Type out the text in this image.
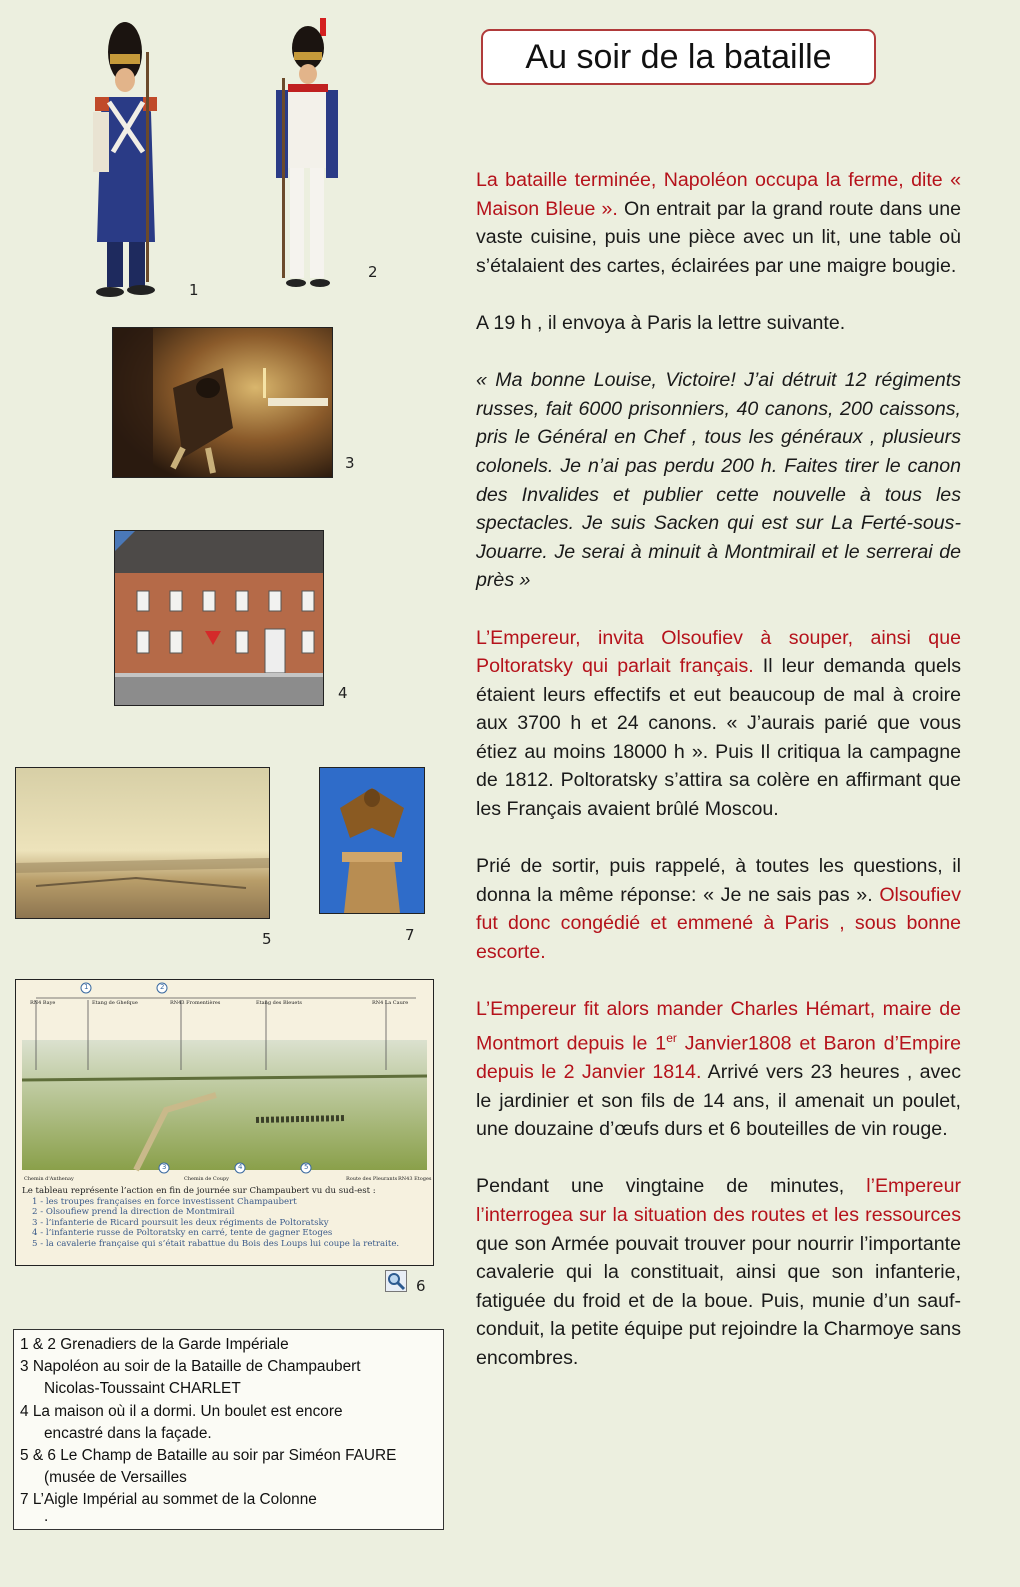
1
2
3
4
5	7
RN4 Baye	Etang de Ghefque	RN43 Fromentières	Etang des Bleuets	RN4 La Caure
1	2
3	4	5
Chemin d'Anthenay	Chemin de Coupy	Route des Pleurants RN43 Etoges
Le tableau représente l’action en fin de journée sur Champaubert vu du sud-est :
1 - les troupes françaises en force investissent Champaubert
2 - Olsoufiew prend la direction de Montmirail
3 - l’infanterie de Ricard poursuit les deux régiments de Poltoratsky
4 - l’infanterie russe de Poltoratsky en carré, tente de gagner Etoges
5 - la cavalerie française qui s’était rabattue du Bois des Loups lui coupe la retraite.
6
Au soir de la bataille

La bataille terminée, Napoléon occupa la ferme, dite « Maison Bleue ». On entrait par la grand route dans une vaste cuisine, puis une pièce avec un lit, une table où s’étalaient des cartes, éclairées par une maigre bougie.

A 19 h , il envoya à Paris la lettre suivante.

« Ma bonne Louise, Victoire! J’ai détruit 12 régiments russes, fait 6000 prisonniers, 40 canons, 200 caissons, pris le Général en Chef , tous les généraux , plusieurs colonels. Je n’ai pas perdu 200 h. Faites tirer le canon des Invalides et publier cette nouvelle à tous les spectacles. Je suis Sacken qui est sur La Ferté-sous-Jouarre. Je serai à minuit à Montmirail et le serrerai de près »

L’Empereur, invita Olsoufiev à souper, ainsi que Poltoratsky qui parlait français. Il leur demanda quels étaient leurs effectifs et eut beaucoup de mal à croire aux 3700 h et 24 canons. « J’aurais parié que vous étiez au moins 18000 h ». Puis Il critiqua la campagne de 1812. Poltoratsky s’attira sa colère en affirmant que les Français avaient brûlé Moscou.

Prié de sortir, puis rappelé, à toutes les questions, il donna la même réponse: « Je ne sais pas ». Olsoufiev fut donc congédié et emmené à Paris , sous bonne escorte.

L’Empereur fit alors mander Charles Hémart, maire de Montmort depuis le 1er Janvier1808 et Baron d’Empire depuis le 2 Janvier 1814. Arrivé vers 23 heures , avec le jardinier et son fils de 14 ans, il amenait un poulet, une douzaine d’œufs durs et 6 bouteilles de vin rouge.

Pendant une vingtaine de minutes, l’Empereur l’interrogea sur la situation des routes et les ressources que son Armée pouvait trouver pour nourrir l’importante cavalerie qui la constituait, ainsi que son infanterie, fatiguée du froid et de la boue. Puis, munie d’un sauf-conduit, la petite équipe put rejoindre la Charmoye sans encombres.

1 & 2 Grenadiers de la Garde Impériale
3 Napoléon au soir de la Bataille de Champaubert
Nicolas-Toussaint CHARLET
4 La maison où il a dormi. Un boulet est encore
encastré dans la façade.
5 & 6 Le Champ de Bataille au soir par Siméon FAURE
(musée de Versailles
7 L’Aigle Impérial au sommet de la Colonne
.
